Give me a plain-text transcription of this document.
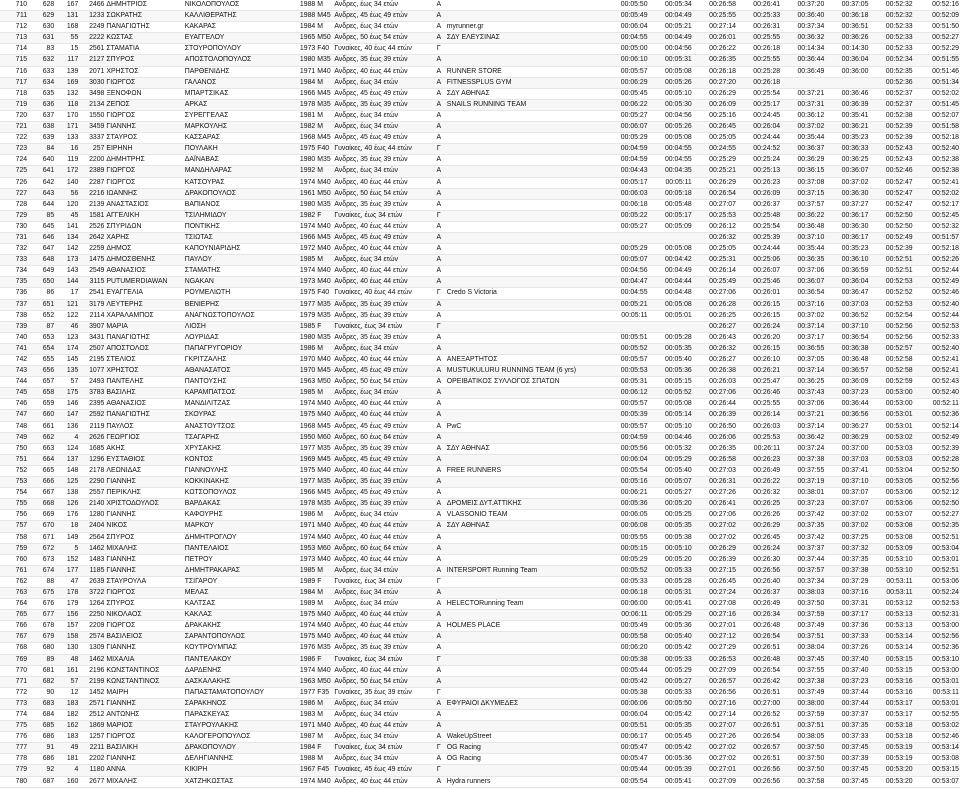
710	628	167	2466	ΔΗΜΗΤΡΙΟΣ	ΝΙΚΟΛΟΠΟΥΛΟΣ	1988	Μ	Ανδρες, έως 34 ετών	Α		00:05:50	00:05:34	00:26:58	00:26:41	00:37:20	00:37:05	00:52:32	00:52:16
711	629	131	1233	ΣΩΚΡΑΤΗΣ	ΚΑΛΛΙΘΕΡΑΤΗΣ	1988	Μ45	Ανδρες, 45 έως 49 ετών	Α		00:05:49	00:04:49	00:25:55	00:25:33	00:36:40	00:36:18	00:52:32	00:52:09
712	630	168	2249	ΠΑΝΑΓΙΩΤΗΣ	ΚΑΚΑΡΑΣ	1984	Μ	Ανδρες, έως 34 ετών	Α	myrunner.gr	00:06:04	00:05:21	00:27:14	00:26:31	00:37:34	00:36:51	00:52:33	00:51:50
713	631	55	2222	ΚΩΣΤΑΣ	ΕΥΑΓΓΕΛΟΥ	1965	Μ50	Ανδρες, 50 έως 54 ετών	Α	ΣΔΥ ΕΛΕΥΣΙΝΑΣ	00:04:55	00:04:49	00:26:01	00:25:55	00:36:32	00:36:26	00:52:33	00:52:27
714	83	15	2561	ΣΤΑΜΑΤΙΑ	ΣΤΟΥΡΟΠΟΥΛΟΥ	1973	F40	Γυναίκες, 40 έως 44 ετών	Γ		00:05:00	00:04:56	00:26:22	00:26:18	00:14:34	00:14:30	00:52:33	00:52:29
715	632	117	2127	ΣΠΥΡΟΣ	ΑΠΟΣΤΟΛΟΠΟΥΛΟΣ	1980	Μ35	Ανδρες, 35 έως 39 ετών	Α		00:06:10	00:05:31	00:26:35	00:25:55	00:36:44	00:36:04	00:52:34	00:51:55
716	633	139	2071	ΧΡΗΣΤΟΣ	ΠΑΡΘΕΝΙΔΗΣ	1971	Μ40	Ανδρες, 40 έως 44 ετών	Α	RUNNER STORE	00:05:57	00:05:08	00:26:18	00:25:28	00:36:49	00:36:00	00:52:35	00:51:46
717	634	169	3030	ΓΙΩΡΓΟΣ	ΓΑΛΑΝΟΣ	1984	Μ	Ανδρες, έως 34 ετών	Α	FITNESSPLUS GYM	00:06:29	00:05:26	00:27:20	00:26:18			00:52:36	00:51:34
718	635	132	3498	ΞΕΝΟΦΩΝ	ΜΠΑΡΤΣΙΚΑΣ	1966	Μ45	Ανδρες, 45 έως 49 ετών	Α	ΣΔΥ ΑΘΗΝΑΣ	00:05:45	00:05:10	00:26:29	00:25:54	00:37:21	00:36:46	00:52:37	00:52:02
719	636	118	2134	ΖΕΠΟΣ	ΑΡΚΑΣ	1978	Μ35	Ανδρες, 35 έως 39 ετών	Α	SNAILS RUNNING TEAM	00:06:22	00:05:30	00:26:09	00:25:17	00:37:31	00:36:39	00:52:37	00:51:45
720	637	170	1550	ΓΙΩΡΓΟΣ	ΣΥΡΕΓΓΕΛΑΣ	1981	Μ	Ανδρες, έως 34 ετών	Α		00:05:27	00:04:56	00:25:16	00:24:45	00:36:12	00:35:41	00:52:38	00:52:07
721	638	171	3459	ΓΙΑΝΝΗΣ	ΜΑΡΚΟΥΛΗΣ	1982	Μ	Ανδρες, έως 34 ετών	Α		00:06:07	00:05:26	00:26:45	00:26:04	00:37:02	00:36:21	00:52:39	00:51:58
722	639	133	3337	ΣΤΑΥΡΟΣ	ΚΑΣΣΑΡΑΣ	1968	Μ45	Ανδρες, 45 έως 49 ετών	Α		00:05:29	00:05:08	00:25:05	00:24:44	00:35:44	00:35:23	00:52:39	00:52:18
723	84	16	257	ΕΙΡΗΝΗ	ΠΟΥΛΑΚΗ	1975	F40	Γυναίκες, 40 έως 44 ετών	Γ		00:04:59	00:04:55	00:24:55	00:24:52	00:36:37	00:36:33	00:52:43	00:52:40
724	640	119	2200	ΔΗΜΗΤΡΗΣ	ΔΑΪΝΑΒΑΣ	1980	Μ35	Ανδρες, 35 έως 39 ετών	Α		00:04:59	00:04:55	00:25:29	00:25:24	00:36:29	00:36:25	00:52:43	00:52:38
725	641	172	2389	ΓΙΩΡΓΟΣ	ΜΑΝΔΗΛΑΡΑΣ	1992	Μ	Ανδρες, έως 34 ετών	Α		00:04:43	00:04:35	00:25:21	00:25:13	00:36:15	00:36:07	00:52:46	00:52:38
726	642	140	2287	ΓΙΩΡΓΟΣ	ΚΑΤΣΟΥΡΑΣ	1974	Μ40	Ανδρες, 40 έως 44 ετών	Α		00:05:17	00:05:11	00:26:29	00:26:23	00:37:08	00:37:02	00:52:47	00:52:41
727	643	56	2216	ΙΩΑΝΝΗΣ	ΔΡΑΚΟΠΟΥΛΟΣ	1961	Μ50	Ανδρες, 50 έως 54 ετών	Α		00:06:03	00:05:18	00:26:54	00:26:09	00:37:15	00:36:30	00:52:47	00:52:02
728	644	120	2139	ΑΝΑΣΤΑΣΙΟΣ	ΒΑΠΙΑΝΟΣ	1980	Μ35	Ανδρες, 35 έως 39 ετών	Α		00:06:18	00:05:48	00:27:07	00:26:37	00:37:57	00:37:27	00:52:47	00:52:17
729	85	45	1581	ΑΓΓΕΛΙΚΗ	ΤΣΙΛΗΜΙΔΟΥ	1982	F	Γυναίκες, έως 34 ετών	Γ		00:05:22	00:05:17	00:25:53	00:25:48	00:36:22	00:36:17	00:52:50	00:52:45
730	645	141	2526	ΣΠΥΡΙΔΩΝ	ΠΟΝΤΙΚΗΣ	1974	Μ40	Ανδρες, 40 έως 44 ετών	Α		00:05:27	00:05:09	00:26:12	00:25:54	00:36:48	00:36:30	00:52:50	00:52:32
731	646	134	2642	ΧΑΡΗΣ	ΤΣΙΩΤΑΣ	1966	Μ45	Ανδρες, 45 έως 49 ετών	Α				00:26:32	00:25:39	00:37:10	00:36:17	00:52:49	00:51:57
732	647	142	2259	ΔΗΜΟΣ	ΚΑΠΟΥΝΙΑΡΙΔΗΣ	1972	Μ40	Ανδρες, 40 έως 44 ετών	Α		00:05:29	00:05:08	00:25:05	00:24:44	00:35:44	00:35:23	00:52:39	00:52:18
733	648	173	1475	ΔΗΜΟΣΘΕΝΗΣ	ΠΑΥΛΟΥ	1985	Μ	Ανδρες, έως 34 ετών	Α		00:05:07	00:04:42	00:25:31	00:25:06	00:36:35	00:36:10	00:52:51	00:52:26
734	649	143	2549	ΑΘΑΝΑΣΙΟΣ	ΣΤΑΜΑΤΗΣ	1974	Μ40	Ανδρες, 40 έως 44 ετών	Α		00:04:56	00:04:49	00:26:14	00:26:07	00:37:06	00:36:59	00:52:51	00:52:44
735	650	144	3115	PUTUMERDIAWAN	NGAKAN	1973	Μ40	Ανδρες, 40 έως 44 ετών	Α		00:04:47	00:04:44	00:25:49	00:25:46	00:36:07	00:36:04	00:52:53	00:52:49
736	86	17	2541	ΕΥΑΓΓΕΛΙΑ	ΡΟΥΜΕΛΙΩΤΗ	1975	F40	Γυναίκες, 40 έως 44 ετών	Γ	Credo S Victoria	00:04:55	00:04:48	00:27:06	00:26:01	00:36:54	00:36:47	00:52:52	00:52:46
737	651	121	3179	ΛΕΥΤΕΡΗΣ	ΒΕΝΙΕΡΗΣ	1977	Μ35	Ανδρες, 35 έως 39 ετών	Α		00:05:21	00:05:08	00:26:28	00:26:15	00:37:16	00:37:03	00:52:53	00:52:40
738	652	122	2114	ΧΑΡΑΛΑΜΠΟΣ	ΑΝΑΓΝΩΣΤΟΠΟΥΛΟΣ	1979	Μ35	Ανδρες, 35 έως 39 ετών	Α		00:05:11	00:05:01	00:26:25	00:26:15	00:37:02	00:36:52	00:52:54	00:52:44
739	87	46	3907	ΜΑΡΙΑ	ΛΙΟΣΗ	1985	F	Γυναίκες, έως 34 ετών	Γ				00:26:27	00:26:24	00:37:14	00:37:10	00:52:56	00:52:53
740	653	123	3431	ΠΑΝΑΓΙΩΤΗΣ	ΛΟΥΡΙΔΑΣ	1980	Μ35	Ανδρες, 35 έως 39 ετών	Α		00:05:51	00:05:28	00:26:43	00:26:20	00:37:17	00:36:54	00:52:56	00:52:33
741	654	174	2507	ΑΠΟΣΤΟΛΟΣ	ΠΑΠΑΓΡΥΓΟΡΙΟΥ	1986	Μ	Ανδρες, έως 34 ετών	Α		00:05:52	00:05:35	00:26:32	00:26:15	00:36:55	00:36:38	00:52:57	00:52:40
742	655	145	2195	ΣΤΕΛΙΟΣ	ΓΚΡΙΤΖΑΛΗΣ	1970	Μ40	Ανδρες, 40 έως 44 ετών	Α	ΑΝΕΞΑΡΤΗΤΟΣ	00:05:57	00:05:40	00:26:27	00:26:10	00:37:05	00:36:48	00:52:58	00:52:41
743	656	135	1077	ΧΡΗΣΤΟΣ	ΑΘΑΝΑΣΑΤΟΣ	1970	Μ45	Ανδρες, 45 έως 49 ετών	Α	MUSTUKULURU RUNNING TEAM (6 yrs)	00:05:53	00:05:36	00:26:38	00:26:21	00:37:14	00:36:57	00:52:58	00:52:41
744	657	57	2493	ΠΑΝΤΕΛΗΣ	ΠΑΝΤΟΥΣΗΣ	1963	Μ50	Ανδρες, 50 έως 54 ετών	Α	ΟΡΕΙΒΑΤΙΚΟΣ ΣΥΛΛΟΓΟΣ ΣΠΑΤΩΝ	00:05:31	00:05:15	00:26:03	00:25:47	00:36:25	00:36:09	00:52:59	00:52:43
745	658	175	3783	ΒΑΣΙΛΗΣ	ΚΑΡΑΜΠΑΤΣΟΣ	1985	Μ	Ανδρες, έως 34 ετών	Α		00:06:12	00:05:52	00:27:06	00:26:46	00:37:43	00:37:23	00:53:00	00:52:40
746	659	146	2395	ΑΘΑΝΑΣΙΟΣ	ΜΑΝΔΙΛΙΤΖΑΣ	1974	Μ40	Ανδρες, 40 έως 44 ετών	Α		00:05:57	00:05:08	00:26:44	00:25:55	00:37:06	00:36:44	00:53:00	00:52:11
747	660	147	2592	ΠΑΝΑΓΙΩΤΗΣ	ΣΚΟΥΡΑΣ	1975	Μ40	Ανδρες, 40 έως 44 ετών	Α		00:05:39	00:05:14	00:26:39	00:26:14	00:37:21	00:36:56	00:53:01	00:52:36
748	661	136	2119	ΠΑΥΛΟΣ	ΑΝΑΣΤΟΥΤΣΟΣ	1968	Μ45	Ανδρες, 45 έως 49 ετών	Α	PwC	00:05:57	00:05:10	00:26:50	00:26:03	00:37:14	00:36:27	00:53:01	00:52:14
749	662	4	2626	ΓΕΩΡΓΙΟΣ	ΤΣΑΓΑΡΗΣ	1950	Μ60	Ανδρες, 60 έως 64 ετών	Α		00:04:59	00:04:46	00:26:06	00:25:53	00:36:42	00:36:29	00:53:02	00:52:49
750	663	124	1685	ΑΚΗΣ	ΧΡΥΣΑΚΗΣ	1977	Μ35	Ανδρες, 35 έως 39 ετών	Α	ΣΔΥ ΑΘΗΝΑΣ	00:05:56	00:05:32	00:26:35	00:26:11	00:37:24	00:37:00	00:53:03	00:52:39
751	664	137	1296	ΕΥΣΤΑΘΙΟΣ	ΚΟΝΤΟΣ	1969	Μ45	Ανδρες, 45 έως 49 ετών	Α		00:06:04	00:05:29	00:26:58	00:26:23	00:37:38	00:37:03	00:53:03	00:52:28
752	665	148	2178	ΛΕΩΝΙΔΑΣ	ΓΙΑΝΝΟΥΛΗΣ	1975	Μ40	Ανδρες, 40 έως 44 ετών	Α	FREE RUNNERS	00:05:54	00:05:40	00:27:03	00:26:49	00:37:55	00:37:41	00:53:04	00:52:50
753	666	125	2290	ΓΙΑΝΝΗΣ	ΚΟΚΚΙΝΑΚΗΣ	1977	Μ35	Ανδρες, 35 έως 39 ετών	Α		00:05:16	00:05:07	00:26:31	00:26:22	00:37:19	00:37:10	00:53:05	00:52:56
754	667	138	2557	ΠΕΡΙΚΛΗΣ	ΚΩΤΣΟΠΟΥΛΟΣ	1966	Μ45	Ανδρες, 45 έως 49 ετών	Α		00:06:21	00:05:27	00:27:26	00:26:32	00:38:01	00:37:07	00:53:06	00:52:12
755	668	126	2140	ΧΡΙΣΤΟΔΟΥΛΟΣ	ΒΑΡΔΑΚΑΣ	1978	Μ35	Ανδρες, 35 έως 39 ετών	Α	ΔΡΟΜΕΙΣ ΔΥΤ.ΑΤΤΙΚΗΣ	00:05:36	00:05:20	00:26:41	00:26:25	00:37:23	00:37:07	00:53:06	00:52:50
756	669	176	1280	ΓΙΑΝΝΗΣ	ΚΑΦΟΥΡΗΣ	1986	Μ	Ανδρες, έως 34 ετών	Α	VLASSONIO TEAM	00:06:05	00:05:25	00:27:06	00:26:26	00:37:42	00:37:02	00:53:07	00:52:27
757	670	18	2404	ΝΙΚΟΣ	ΜΑΡΚΟΥ	1971	Μ40	Ανδρες, 40 έως 44 ετών	Α	ΣΔΥ ΑΘΗΝΑΣ	00:06:08	00:05:35	00:27:02	00:26:29	00:37:35	00:37:02	00:53:08	00:52:35
758	671	149	2564	ΣΠΥΡΟΣ	ΔΗΜΗΤΡΟΓΛΟΥ	1974	Μ40	Ανδρες, 40 έως 44 ετών	Α		00:05:55	00:05:38	00:27:02	00:26:45	00:37:42	00:37:25	00:53:08	00:52:51
759	672	5	1462	ΜΙΧΑΛΗΣ	ΠΑΝΤΕΛΑΙΟΣ	1953	Μ60	Ανδρες, 60 έως 64 ετών	Α		00:05:15	00:05:10	00:26:29	00:26:24	00:37:37	00:37:32	00:53:09	00:53:04
760	673	152	1483	ΓΙΑΝΝΗΣ	ΠΕΤΡΟΥ	1973	Μ40	Ανδρες, 40 έως 44 ετών	Α		00:05:29	00:05:20	00:26:39	00:26:30	00:37:44	00:37:35	00:53:10	00:53:01
761	674	177	1185	ΓΙΑΝΝΗΣ	ΔΗΜΗΤΡΑΚΑΡΑΣ	1985	Μ	Ανδρες, έως 34 ετών	Α	INTERSPORT Running Team	00:05:52	00:05:33	00:27:15	00:26:56	00:37:57	00:37:38	00:53:10	00:52:51
762	88	47	2639	ΣΤΑΥΡΟΥΛΑ	ΤΣΙΓΑΡΟΥ	1989	F	Γυναίκες, έως 34 ετών	Γ		00:05:33	00:05:28	00:26:45	00:26:40	00:37:34	00:37:29	00:53:11	00:53:06
763	675	178	3722	ΓΙΩΡΓΟΣ	ΜΕΛΑΣ	1984	Μ	Ανδρες, έως 34 ετών	Α		00:06:18	00:05:31	00:27:24	00:26:37	00:38:03	00:37:16	00:53:11	00:52:24
764	676	179	1264	ΣΠΥΡΟΣ	ΚΑΛΤΣΑΣ	1989	Μ	Ανδρες, έως 34 ετών	Α	HELECTORunning Team	00:06:00	00:05:41	00:27:08	00:26:49	00:37:50	00:37:31	00:53:12	00:52:53
765	677	156	2250	ΝΙΚΟΛΑΟΣ	ΚΑΚΛΑΣ	1975	Μ40	Ανδρες, 40 έως 44 ετών	Α		00:06:11	00:05:29	00:27:16	00:26:34	00:37:59	00:37:17	00:53:13	00:52:31
766	678	157	2209	ΓΙΩΡΓΟΣ	ΔΡΑΚΑΚΗΣ	1974	Μ40	Ανδρες, 40 έως 44 ετών	Α	HOLMES PLACE	00:05:49	00:05:36	00:27:01	00:26:48	00:37:49	00:37:36	00:53:13	00:53:00
767	679	158	2574	ΒΑΣΙΛΕΙΟΣ	ΣΑΡΑΝΤΟΠΟΥΛΟΣ	1975	Μ40	Ανδρες, 40 έως 44 ετών	Α		00:05:58	00:05:40	00:27:12	00:26:54	00:37:51	00:37:33	00:53:14	00:52:56
768	680	130	1309	ΓΙΑΝΝΗΣ	ΚΟΥΤΡΟΥΜΠΑΣ	1976	Μ35	Ανδρες, 35 έως 39 ετών	Α		00:06:20	00:05:42	00:27:29	00:26:51	00:38:04	00:37:26	00:53:14	00:52:36
769	89	48	1462	ΜΙΧΑΛΙΑ	ΠΑΝΤΕΛΑΚΟΥ	1986	F	Γυναίκες, έως 34 ετών	Γ		00:05:38	00:05:33	00:26:53	00:26:48	00:37:45	00:37:40	00:53:15	00:53:10
770	681	161	2196	ΚΩΝΣΤΑΝΤΙΝΟΣ	ΔΑΡΔΕΝΗΣ	1974	Μ40	Ανδρες, 40 έως 44 ετών	Α		00:05:44	00:05:29	00:27:09	00:26:54	00:37:55	00:37:40	00:53:15	00:53:00
771	682	57	2199	ΚΩΝΣΤΑΝΤΙΝΟΣ	ΔΑΣΚΑΛΑΚΗΣ	1963	Μ50	Ανδρες, 50 έως 54 ετών	Α		00:05:42	00:05:27	00:26:57	00:26:42	00:37:38	00:37:23	00:53:16	00:53:01
772	90	12	1452	ΜΑΙΡΗ	ΠΑΠΑΣΤΑΜΑΤΟΠΟΥΛΟΥ	1977	F35	Γυναίκες, 35 έως 39 ετών	Γ		00:05:38	00:05:33	00:26:56	00:26:51	00:37:49	00:37:44	00:53:16	00:53:11
773	683	183	2571	ΓΙΑΝΝΗΣ	ΣΑΡΑΚΗΝΟΣ	1986	Μ	Ανδρες, έως 34 ετών	Α	ΕΦΥΡΑΙΟΙ ΔΚΥΜΕΔΕΣ	00:06:06	00:05:50	00:27:16	00:27:00	00:38:00	00:37:44	00:53:17	00:53:01
774	684	182	2512	ΑΝΤΩΝΗΣ	ΠΑΡΑΣΚΕΥΑΣ	1983	Μ	Ανδρες, έως 34 ετών	Α		00:06:04	00:05:42	00:27:14	00:26:52	00:37:59	00:37:37	00:53:17	00:52:55
775	685	162	1869	ΜΑΡΙΟΣ	ΣΤΑΥΡΟΥΛΑΚΗΣ	1971	Μ40	Ανδρες, 40 έως 44 ετών	Α		00:05:51	00:05:35	00:27:07	00:26:51	00:37:51	00:37:35	00:53:18	00:53:02
776	686	183	1257	ΓΙΩΡΓΟΣ	ΚΑΛΟΓΕΡΟΠΟΥΛΟΣ	1987	Μ	Ανδρες, έως 34 ετών	Α	WakeUpStreet	00:06:17	00:05:45	00:27:26	00:26:54	00:38:05	00:37:33	00:53:18	00:52:46
777	91	49	2211	ΒΑΣΙΛΙΚΗ	ΔΡΑΚΟΠΟΥΛΟΥ	1984	F	Γυναίκες, έως 34 ετών	Γ	OG Racing	00:05:47	00:05:42	00:27:02	00:26:57	00:37:50	00:37:45	00:53:19	00:53:14
778	686	181	2202	ΓΙΑΝΝΗΣ	ΔΕΛΗΓΙΑΝΝΗΣ	1988	Μ	Ανδρες, έως 34 ετών	Α	OG Racing	00:05:47	00:05:36	00:27:02	00:26:51	00:37:50	00:37:39	00:53:19	00:53:08
779	92	4	1180	ΑΝΝΑ	ΚΙΚΙΡΗ	1967	F45	Γυναίκες, 45 έως 49 ετών	Γ		00:05:44	00:05:39	00:27:01	00:26:56	00:37:50	00:37:45	00:53:20	00:53:15
780	687	160	2677	ΜΙΧΑΛΗΣ	ΧΑΤΖΗΚΩΣΤΑΣ	1974	Μ40	Ανδρες, 40 έως 44 ετών	Α	Hydra runners	00:05:54	00:05:41	00:27:09	00:26:56	00:37:58	00:37:45	00:53:20	00:53:07
